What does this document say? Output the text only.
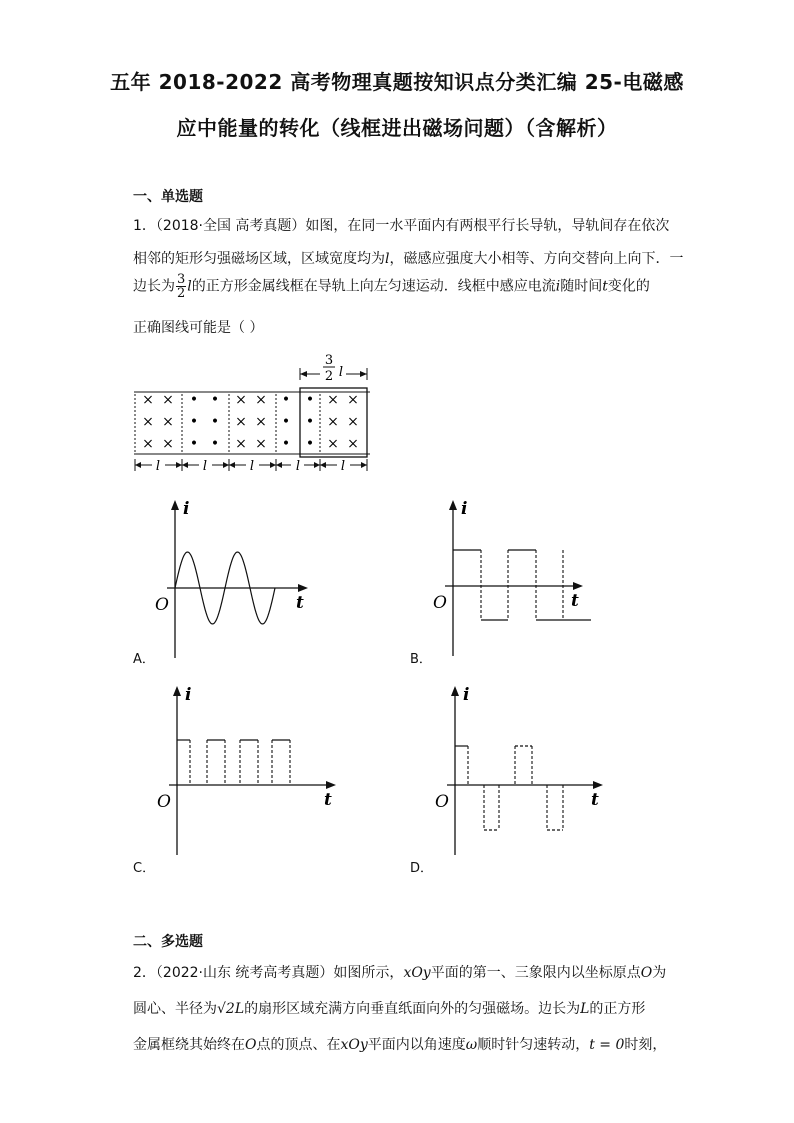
五年 2018-2022 高考物理真题按知识点分类汇编 25-电磁感
应中能量的转化（线框进出磁场问题）（含解析）
一、单选题
1．（2018·全国 高考真题）如图，在同一水平面内有两根平行长导轨，导轨间存在依次
相邻的矩形匀强磁场区域，区域宽度均为l，磁感应强度大小相等、方向交替向上向下．一
边长为 $\frac{3}{2}$ l的正方形金属线框在导轨上向左匀速运动．线框中感应电流i随时间t变化的
正确图线可能是（ ）
3
2 l
l	l	l	l	l
×
×
×
×
×
×
•
•
•
•
•
•
×
×
×
×
×
×
•
•
•
•
•
•
×
×
×
×
×
×
i
t
O
i
t
O
i
t
O
i
t
O
A．	B．
C．	D．
二、多选题
2．（2022·山东 统考高考真题）如图所示，xOy平面的第一、三象限内以坐标原点O为
圆心、半径为√2L的扇形区域充满方向垂直纸面向外的匀强磁场。边长为L的正方形
金属框绕其始终在O点的顶点、在xOy平面内以角速度ω顺时针匀速转动，t = 0时刻，
